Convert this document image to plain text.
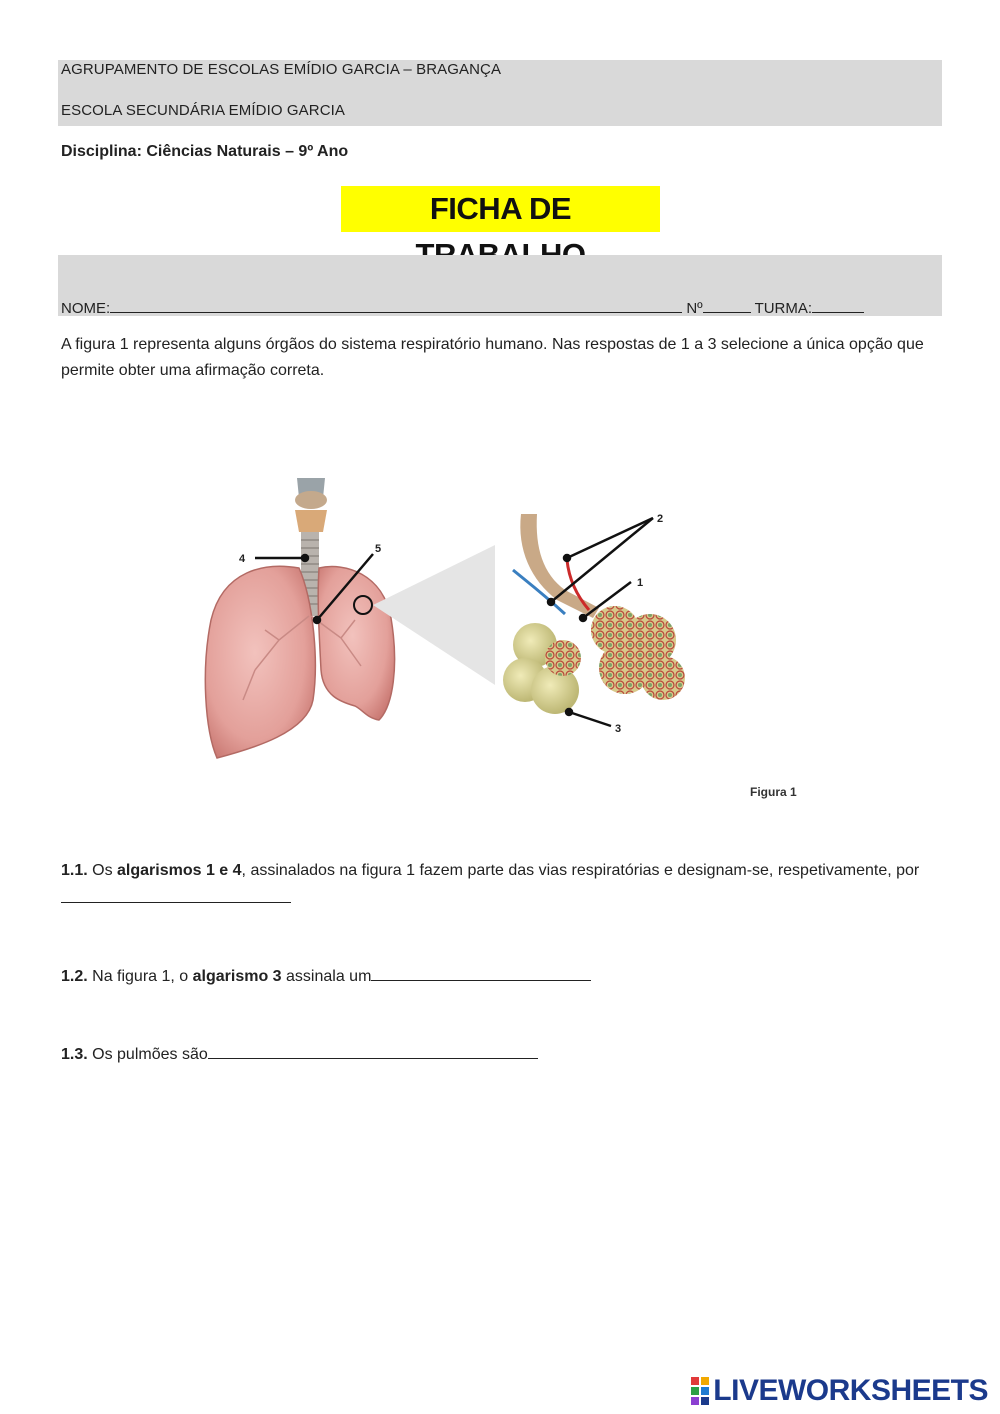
AGRUPAMENTO DE ESCOLAS EMÍDIO GARCIA – BRAGANÇA
ESCOLA SECUNDÁRIA EMÍDIO GARCIA
Disciplina: Ciências Naturais – 9º Ano
FICHA DE
NOME:	Nº	TURMA:
A figura 1 representa alguns órgãos do sistema respiratório humano. Nas respostas de 1 a 3 selecione a única opção que permite obter uma afirmação correta.
4
5
2
1
3
Figura 1
1.1. Os algarismos 1 e 4, assinalados na figura 1 fazem parte das vias respiratórias e designam-se, respetivamente, por
1.2. Na figura 1, o algarismo 3 assinala um
1.3. Os pulmões são
LIVEWORKSHEETS
